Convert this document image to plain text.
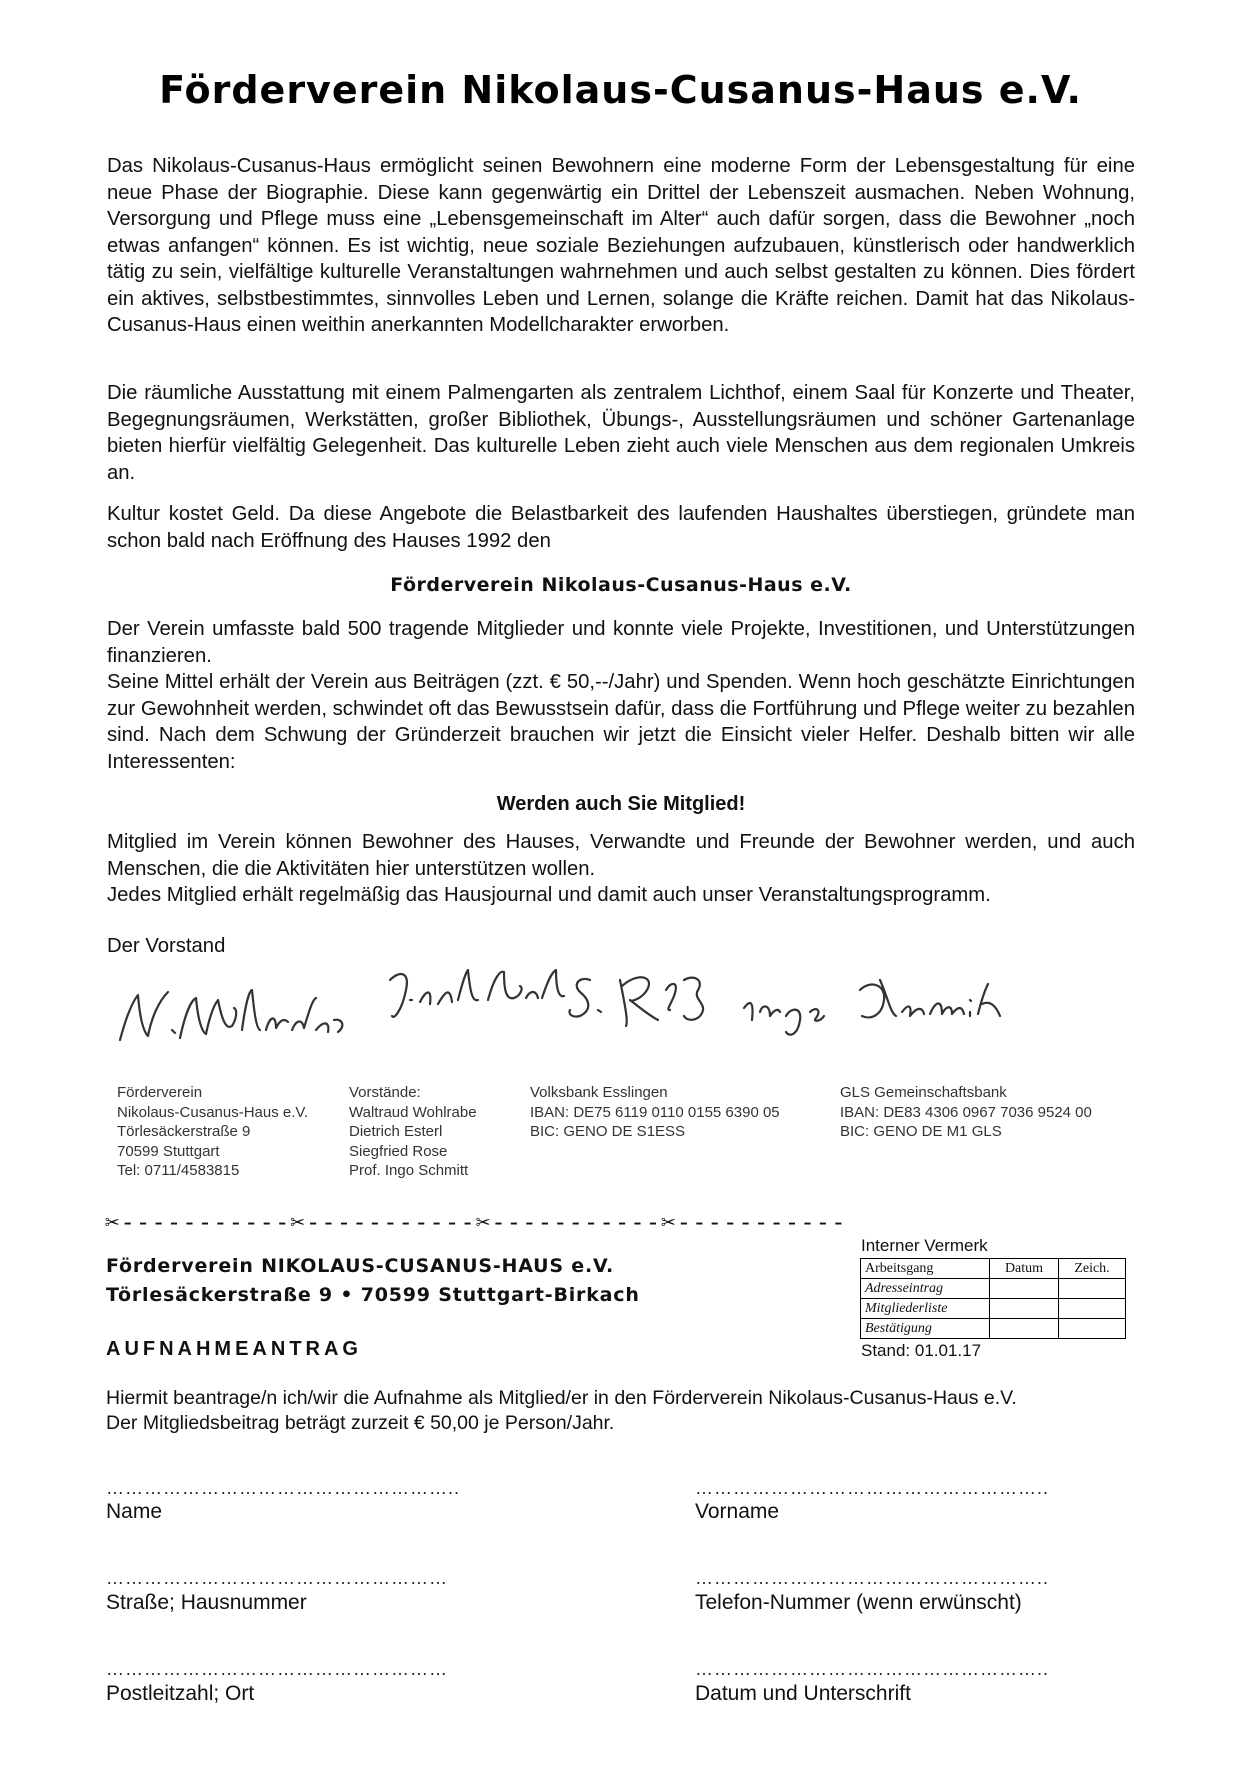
Förderverein Nikolaus-Cusanus-Haus e.V.

Das Nikolaus-Cusanus-Haus ermöglicht seinen Bewohnern eine moderne Form der Lebensgestaltung für eine neue Phase der Biographie. Diese kann gegenwärtig ein Drittel der Lebenszeit ausmachen. Neben Wohnung, Versorgung und Pflege muss eine „Lebensgemeinschaft im Alter“ auch dafür sorgen, dass die Bewohner „noch etwas anfangen“ können. Es ist wichtig, neue soziale Beziehungen aufzubauen, künstlerisch oder handwerklich tätig zu sein, vielfältige kulturelle Veranstaltungen wahrnehmen und auch selbst gestalten zu können. Dies fördert ein aktives, selbstbestimmtes, sinnvolles Leben und Lernen, solange die Kräfte reichen. Damit hat das Nikolaus-Cusanus-Haus einen weithin anerkannten Modellcharakter erworben.

Die räumliche Ausstattung mit einem Palmengarten als zentralem Lichthof, einem Saal für Konzerte und Theater, Begegnungsräumen, Werkstätten, großer Bibliothek, Übungs-, Ausstellungsräumen und schöner Gartenanlage bieten hierfür vielfältig Gelegenheit. Das kulturelle Leben zieht auch viele Menschen aus dem regionalen Umkreis an.

Kultur kostet Geld. Da diese Angebote die Belastbarkeit des laufenden Haushaltes überstiegen, gründete man schon bald nach Eröffnung des Hauses 1992 den

Förderverein Nikolaus-Cusanus-Haus e.V.

Der Verein umfasste bald 500 tragende Mitglieder und konnte viele Projekte, Investitionen, und Unterstützungen finanzieren.

Seine Mittel erhält der Verein aus Beiträgen (zzt. € 50,--/Jahr) und Spenden. Wenn hoch geschätzte Einrichtungen zur Gewohnheit werden, schwindet oft das Bewusstsein dafür, dass die Fortführung und Pflege weiter zu bezahlen sind. Nach dem Schwung der Gründerzeit brauchen wir jetzt die Einsicht vieler Helfer. Deshalb bitten wir alle Interessenten:

Werden auch Sie Mitglied!

Mitglied im Verein können Bewohner des Hauses, Verwandte und Freunde der Bewohner werden, und auch Menschen, die die Aktivitäten hier unterstützen wollen.

Jedes Mitglied erhält regelmäßig das Hausjournal und damit auch unser Veranstaltungsprogramm.

Der Vorstand
Förderverein
Nikolaus-Cusanus-Haus e.V.
Törlesäckerstraße 9
70599 Stuttgart
Tel: 0711/4583815
Vorstände:
Waltraud Wohlrabe
Dietrich Esterl
Siegfried Rose
Prof. Ingo Schmitt
Volksbank Esslingen
IBAN: DE75 6119 0110 0155 6390 05
BIC: GENO DE S1ESS
GLS Gemeinschaftsbank
IBAN: DE83 4306 0967 7036 9524 00
BIC: GENO DE M1 GLS
✂-----------✂-----------✂-----------✂-----------
Förderverein NIKOLAUS-CUSANUS-HAUS e.V.
Törlesäckerstraße 9 • 70599 Stuttgart-Birkach
Interner Vermerk
Arbeitsgang	Datum	Zeich.
Adresseintrag		
Mitgliederliste		
Bestätigung		
Stand: 01.01.17
AUFNAHMEANTRAG
Hiermit beantrage/n ich/wir die Aufnahme als Mitglied/er in den Förderverein Nikolaus-Cusanus-Haus e.V.
Der Mitgliedsbeitrag beträgt zurzeit € 50,00 je Person/Jahr.
………………………………………………..
Name
………………………………………………..
Vorname
………………………………………………
Straße; Hausnummer
………………………………………………..
Telefon-Nummer (wenn erwünscht)
………………………………………………
Postleitzahl; Ort
………………………………………………..
Datum und Unterschrift
